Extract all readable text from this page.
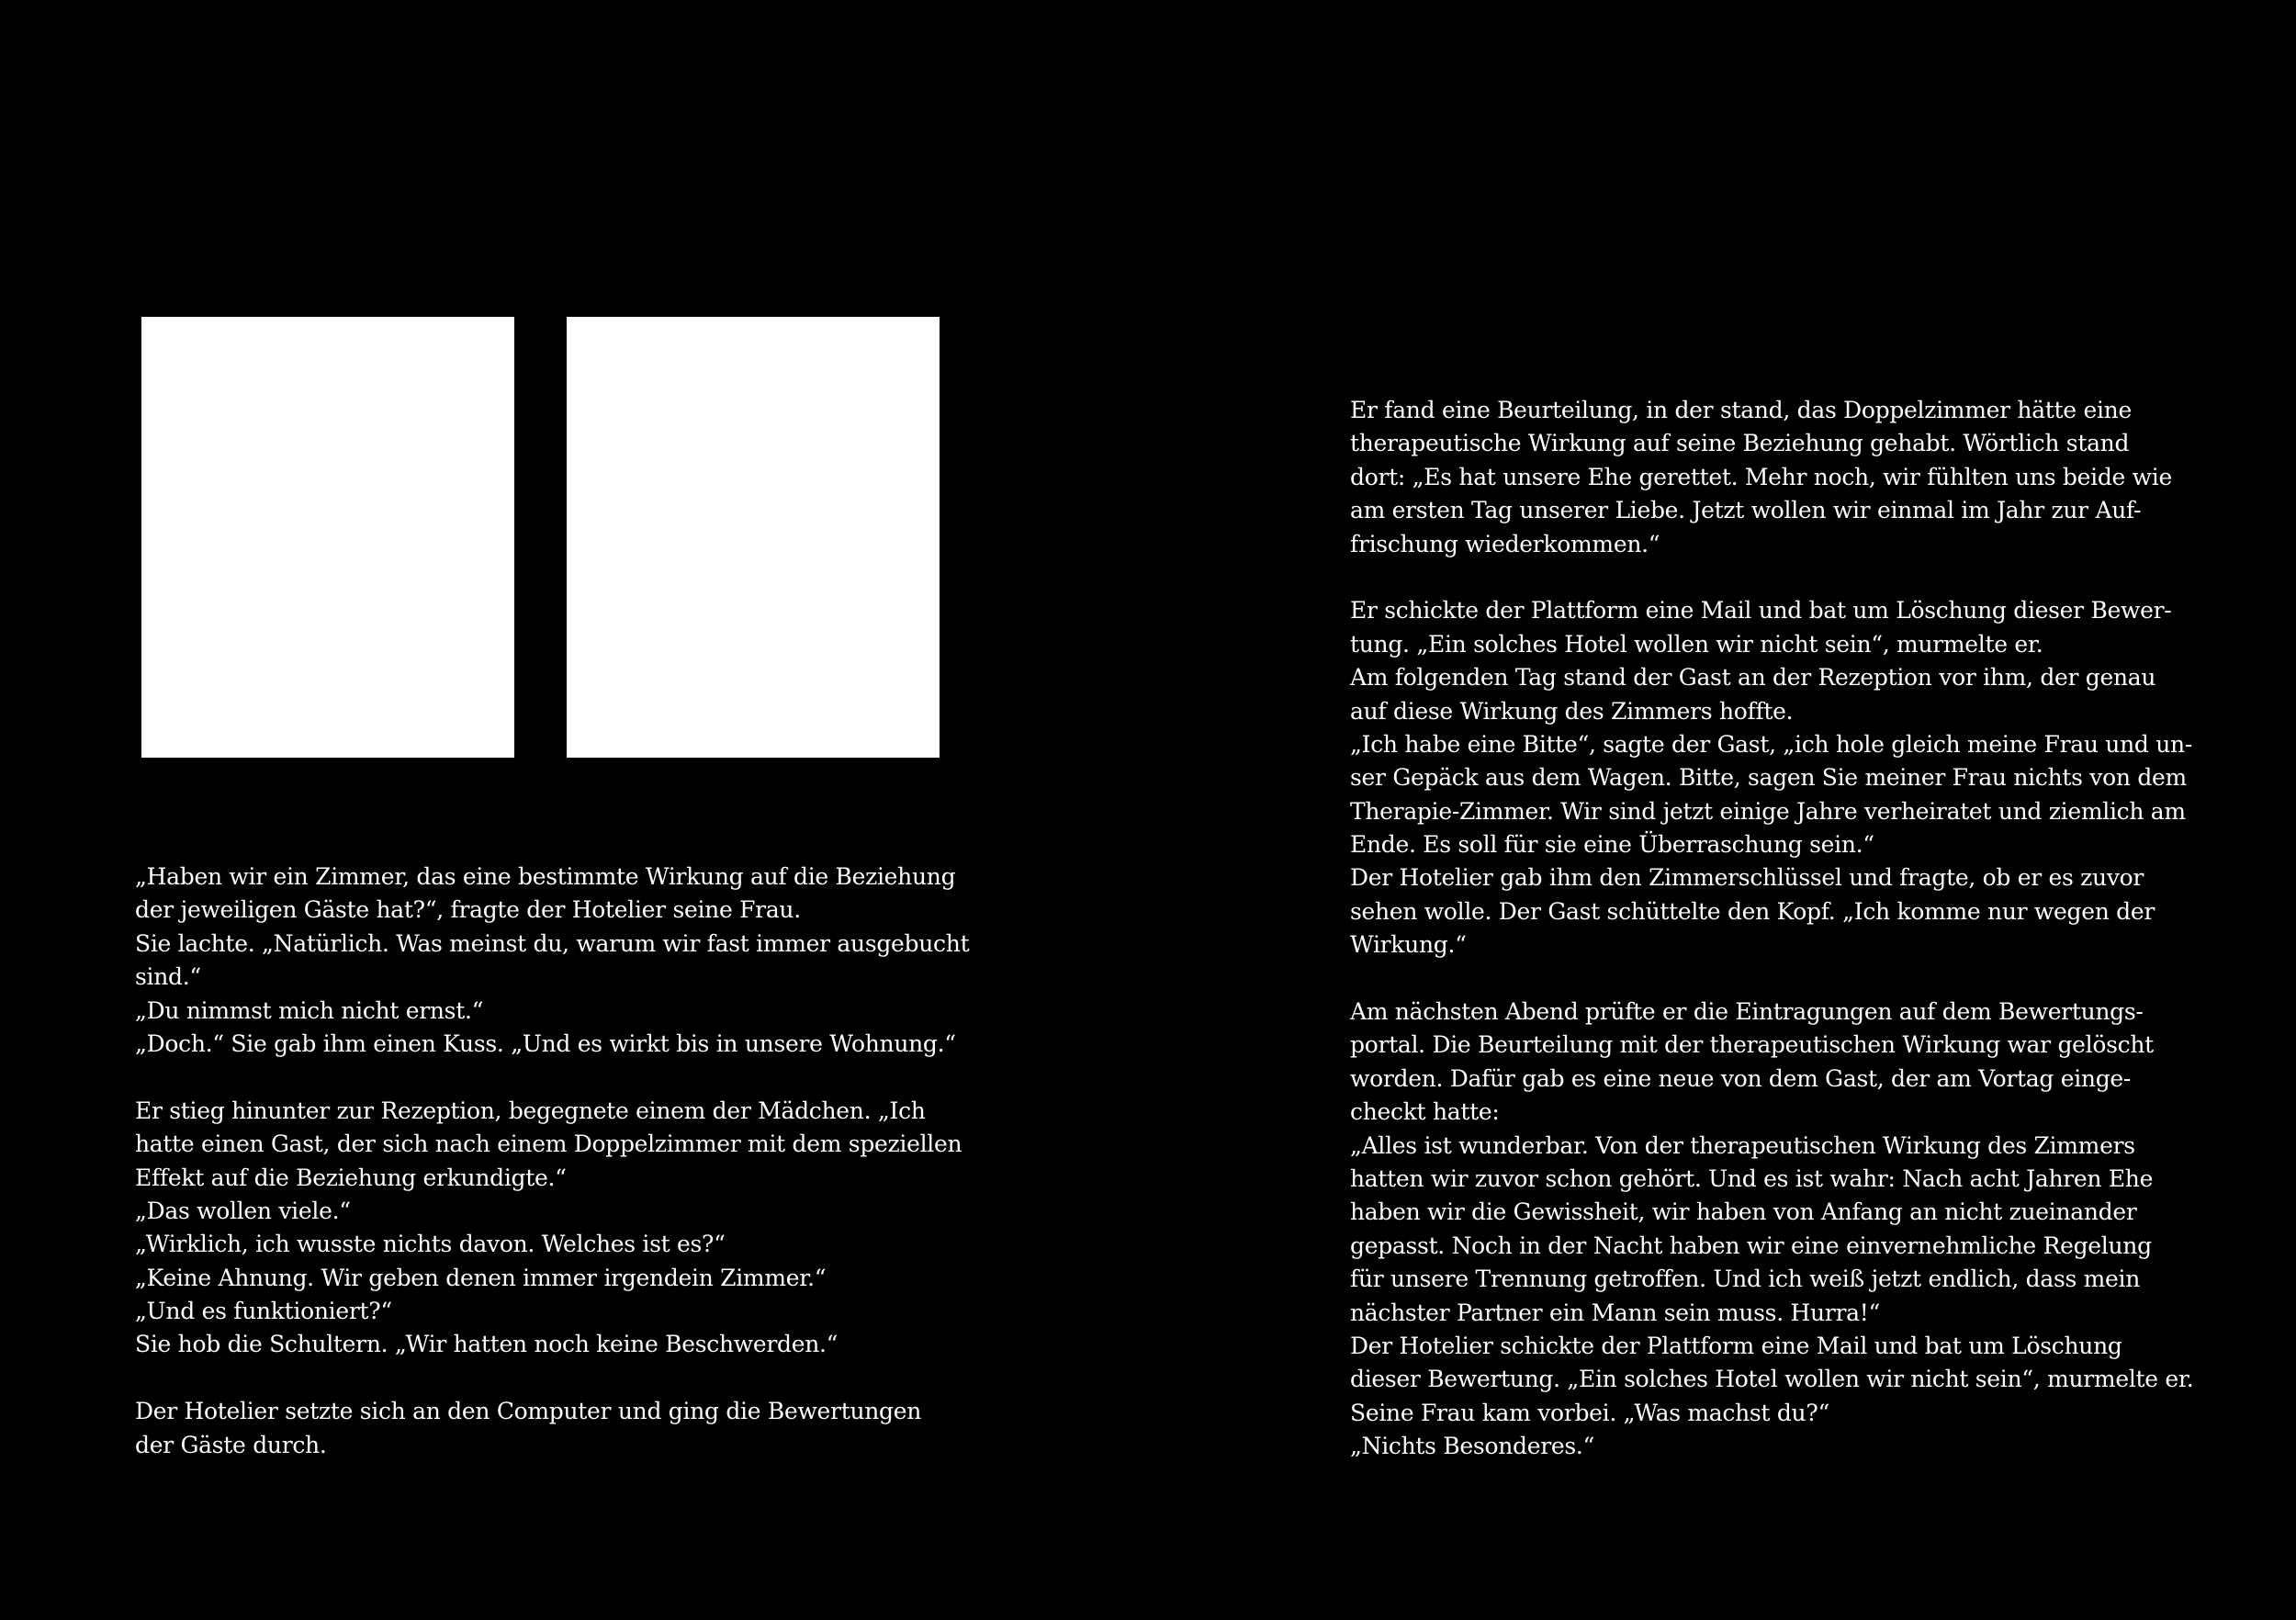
„Haben wir ein Zimmer, das eine bestimmte Wirkung auf die Beziehung
der jeweiligen Gäste hat?“, fragte der Hotelier seine Frau.
Sie lachte. „Natürlich. Was meinst du, warum wir fast immer ausgebucht
sind.“
„Du nimmst mich nicht ernst.“
„Doch.“ Sie gab ihm einen Kuss. „Und es wirkt bis in unsere Wohnung.“
Er stieg hinunter zur Rezeption, begegnete einem der Mädchen. „Ich
hatte einen Gast, der sich nach einem Doppelzimmer mit dem speziellen
Effekt auf die Beziehung erkundigte.“
„Das wollen viele.“
„Wirklich, ich wusste nichts davon. Welches ist es?“
„Keine Ahnung. Wir geben denen immer irgendein Zimmer.“
„Und es funktioniert?“
Sie hob die Schultern. „Wir hatten noch keine Beschwerden.“
Der Hotelier setzte sich an den Computer und ging die Bewertungen
der Gäste durch.
Er fand eine Beurteilung, in der stand, das Doppelzimmer hätte eine
therapeutische Wirkung auf seine Beziehung gehabt. Wörtlich stand
dort: „Es hat unsere Ehe gerettet. Mehr noch, wir fühlten uns beide wie
am ersten Tag unserer Liebe. Jetzt wollen wir einmal im Jahr zur Auf-
frischung wiederkommen.“
Er schickte der Plattform eine Mail und bat um Löschung dieser Bewer-
tung. „Ein solches Hotel wollen wir nicht sein“, murmelte er.
Am folgenden Tag stand der Gast an der Rezeption vor ihm, der genau
auf diese Wirkung des Zimmers hoffte.
„Ich habe eine Bitte“, sagte der Gast, „ich hole gleich meine Frau und un-
ser Gepäck aus dem Wagen. Bitte, sagen Sie meiner Frau nichts von dem
Therapie-Zimmer. Wir sind jetzt einige Jahre verheiratet und ziemlich am
Ende. Es soll für sie eine Überraschung sein.“
Der Hotelier gab ihm den Zimmerschlüssel und fragte, ob er es zuvor
sehen wolle. Der Gast schüttelte den Kopf. „Ich komme nur wegen der
Wirkung.“
Am nächsten Abend prüfte er die Eintragungen auf dem Bewertungs-
portal. Die Beurteilung mit der therapeutischen Wirkung war gelöscht
worden. Dafür gab es eine neue von dem Gast, der am Vortag einge-
checkt hatte:
„Alles ist wunderbar. Von der therapeutischen Wirkung des Zimmers
hatten wir zuvor schon gehört. Und es ist wahr: Nach acht Jahren Ehe
haben wir die Gewissheit, wir haben von Anfang an nicht zueinander
gepasst. Noch in der Nacht haben wir eine einvernehmliche Regelung
für unsere Trennung getroffen. Und ich weiß jetzt endlich, dass mein
nächster Partner ein Mann sein muss. Hurra!“
Der Hotelier schickte der Plattform eine Mail und bat um Löschung
dieser Bewertung. „Ein solches Hotel wollen wir nicht sein“, murmelte er.
Seine Frau kam vorbei. „Was machst du?“
„Nichts Besonderes.“
